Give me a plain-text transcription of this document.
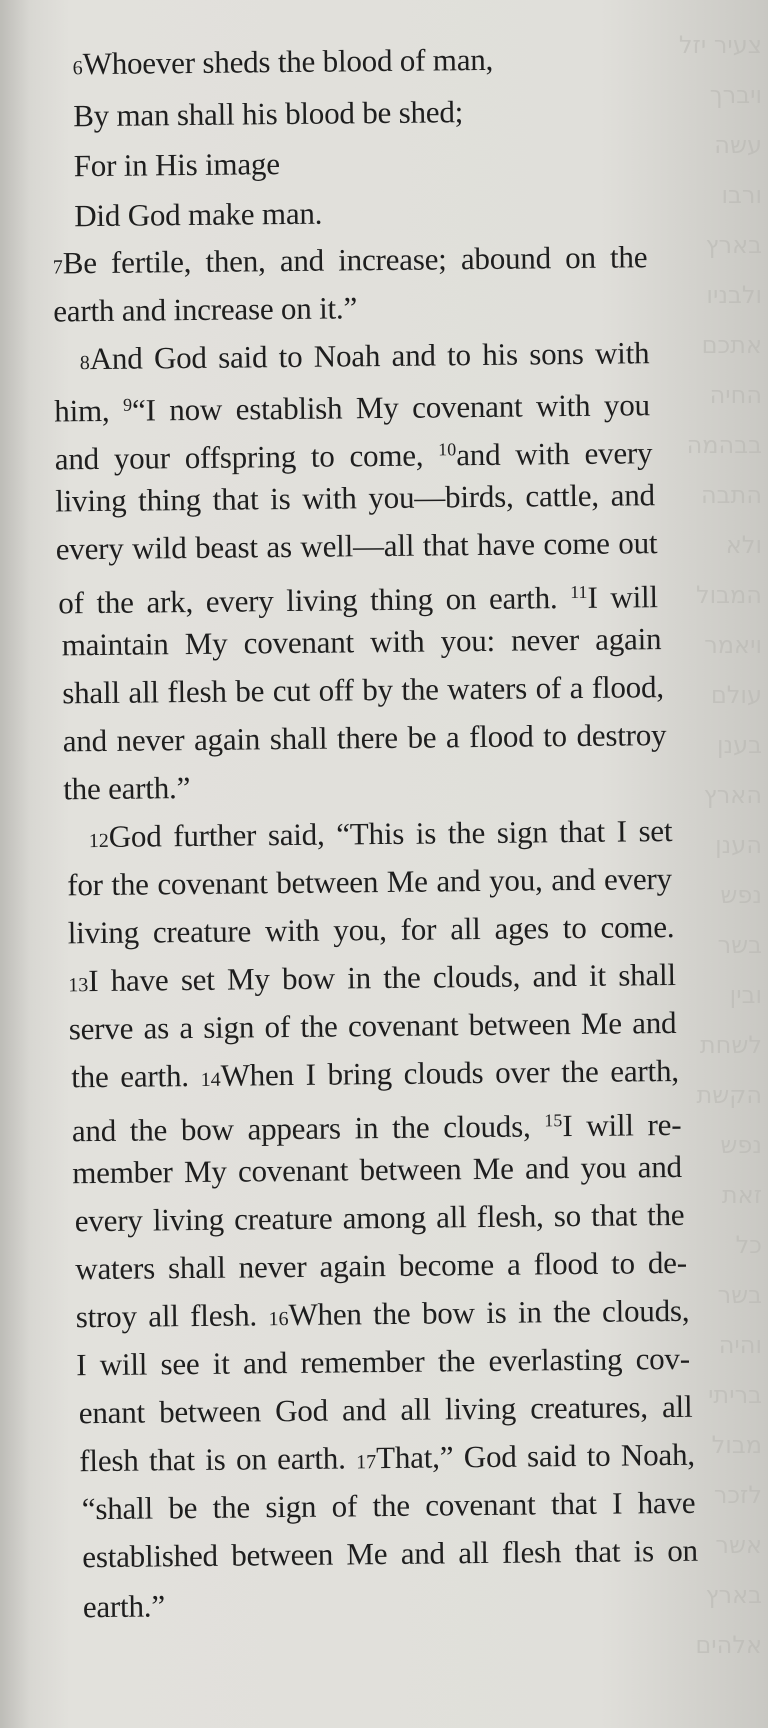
צעיר יזל
ויברך
עשה
ורבו
בארץ
ולבניו
אתכם
החיה
בבהמה
התבה
ולא
המבול
ויאמר
עולם
בענן
הארץ
הענן
נפש
בשר
ובין
לשחת
הקשת
נפש
זאת
כל
בשר
והיה
בריתי
מבול
לזכר
אשר
בארץ
אלהים
6Whoever sheds the blood of man,
By man shall his blood be shed;
For in His image
Did God make man.
7Be fertile, then, and increase; abound on the
earth and increase on it.”
8And God said to Noah and to his sons with
him, $^9$“I now establish My covenant with you
and your offspring to come, $^{10}$and with every
living thing that is with you—birds, cattle, and
every wild beast as well—all that have come out
of the ark, every living thing on earth. $^{11}$I will
maintain My covenant with you: never again
shall all flesh be cut off by the waters of a flood,
and never again shall there be a flood to destroy
the earth.”
12God further said, “This is the sign that I set
for the covenant between Me and you, and every
living creature with you, for all ages to come.
13I have set My bow in the clouds, and it shall
serve as a sign of the covenant between Me and
the earth. 14When I bring clouds over the earth,
and the bow appears in the clouds, $^{15}$I will re-
member My covenant between Me and you and
every living creature among all flesh, so that the
waters shall never again become a flood to de-
stroy all flesh. 16When the bow is in the clouds,
I will see it and remember the everlasting cov-
enant between God and all living creatures, all
flesh that is on earth. 17That,” God said to Noah,
“shall be the sign of the covenant that I have
established between Me and all flesh that is on
earth.”
